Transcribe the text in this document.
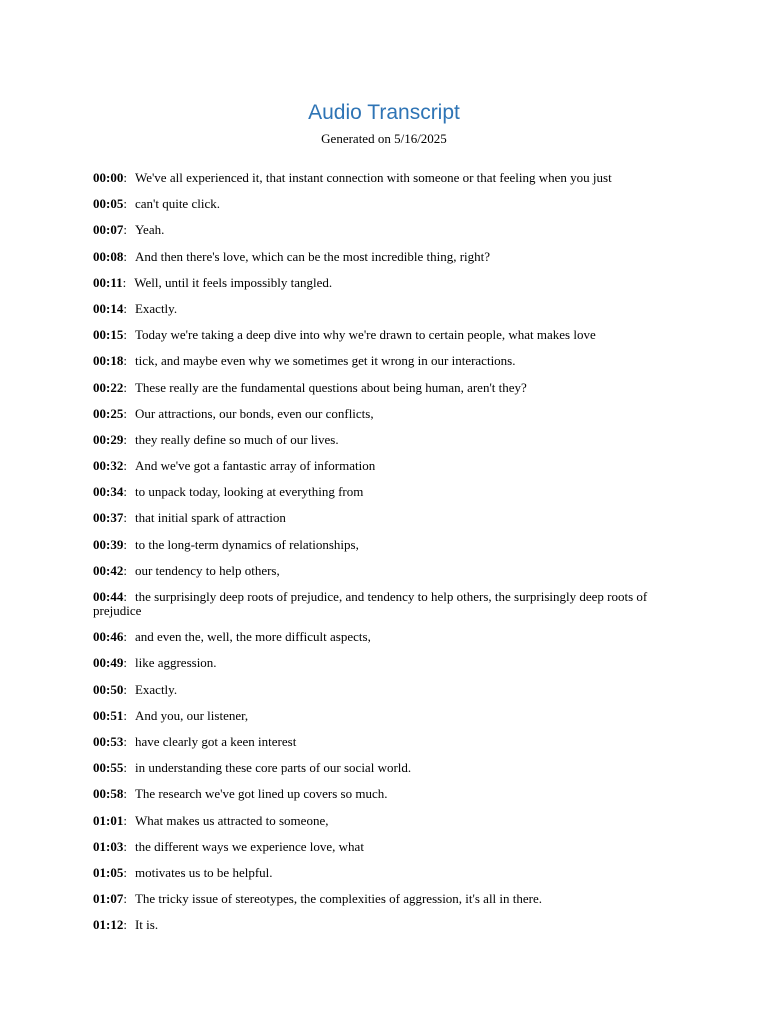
Audio Transcript
Generated on 5/16/2025
00:00: We've all experienced it, that instant connection with someone or that feeling when you just
00:05: can't quite click.
00:07: Yeah.
00:08: And then there's love, which can be the most incredible thing, right?
00:11: Well, until it feels impossibly tangled.
00:14: Exactly.
00:15: Today we're taking a deep dive into why we're drawn to certain people, what makes love
00:18: tick, and maybe even why we sometimes get it wrong in our interactions.
00:22: These really are the fundamental questions about being human, aren't they?
00:25: Our attractions, our bonds, even our conflicts,
00:29: they really define so much of our lives.
00:32: And we've got a fantastic array of information
00:34: to unpack today, looking at everything from
00:37: that initial spark of attraction
00:39: to the long-term dynamics of relationships,
00:42: our tendency to help others,
00:44: the surprisingly deep roots of prejudice, and tendency to help others, the surprisingly deep roots of prejudice
00:46: and even the, well, the more difficult aspects,
00:49: like aggression.
00:50: Exactly.
00:51: And you, our listener,
00:53: have clearly got a keen interest
00:55: in understanding these core parts of our social world.
00:58: The research we've got lined up covers so much.
01:01: What makes us attracted to someone,
01:03: the different ways we experience love, what
01:05: motivates us to be helpful.
01:07: The tricky issue of stereotypes, the complexities of aggression, it's all in there.
01:12: It is.
